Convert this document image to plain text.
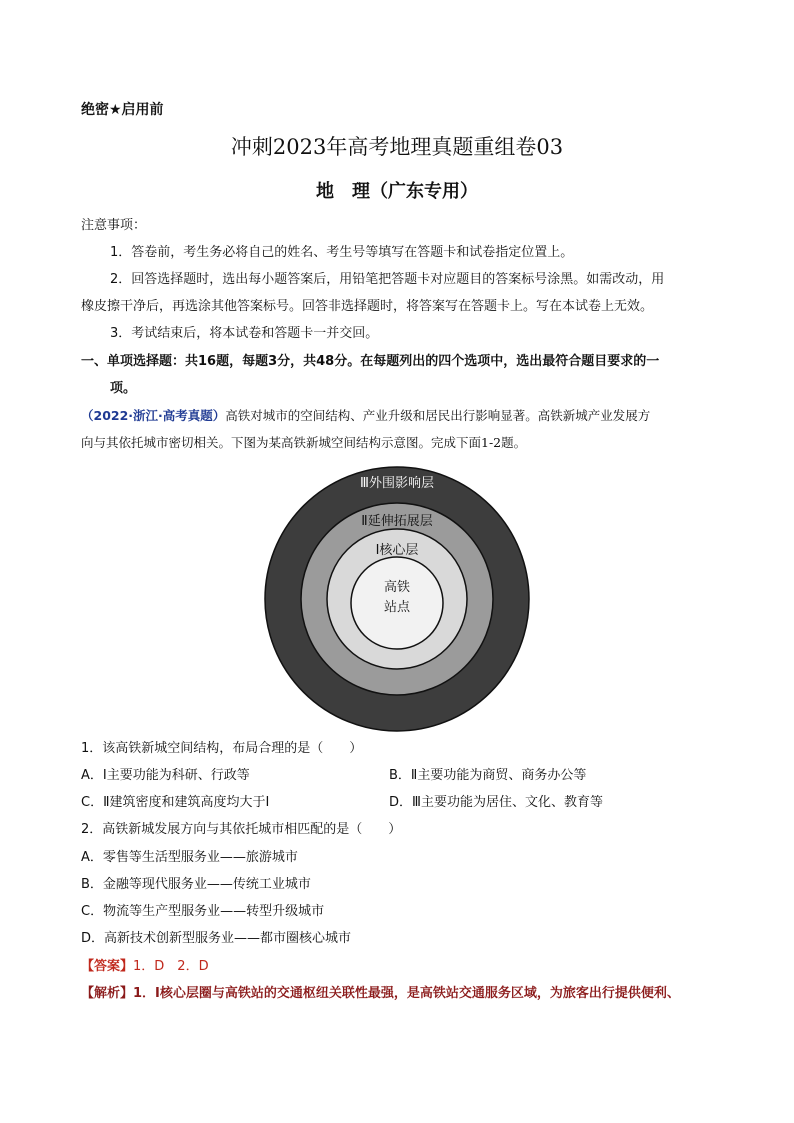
绝密★启用前
冲刺2023年高考地理真题重组卷03
地　理（广东专用）
注意事项：
1．答卷前，考生务必将自己的姓名、考生号等填写在答题卡和试卷指定位置上。
2．回答选择题时，选出每小题答案后，用铅笔把答题卡对应题目的答案标号涂黑。如需改动，用
橡皮擦干净后，再选涂其他答案标号。回答非选择题时，将答案写在答题卡上。写在本试卷上无效。
3．考试结束后，将本试卷和答题卡一并交回。
一、单项选择题：共16题，每题3分，共48分。在每题列出的四个选项中，选出最符合题目要求的一
项。
（2022·浙江·高考真题）高铁对城市的空间结构、产业升级和居民出行影响显著。高铁新城产业发展方
向与其依托城市密切相关。下图为某高铁新城空间结构示意图。完成下面1-2题。
Ⅲ外围影响层
Ⅱ延伸拓展层
Ⅰ核心层
高铁
站点
1．该高铁新城空间结构，布局合理的是（　　）
A．Ⅰ主要功能为科研、行政等	B．Ⅱ主要功能为商贸、商务办公等
C．Ⅱ建筑密度和建筑高度均大于Ⅰ	D．Ⅲ主要功能为居住、文化、教育等
2．高铁新城发展方向与其依托城市相匹配的是（　　）
A．零售等生活型服务业——旅游城市
B．金融等现代服务业——传统工业城市
C．物流等生产型服务业——转型升级城市
D．高新技术创新型服务业——都市圈核心城市
【答案】1．D　2．D
【解析】1．Ⅰ核心层圈与高铁站的交通枢纽关联性最强，是高铁站交通服务区域，为旅客出行提供便利、
